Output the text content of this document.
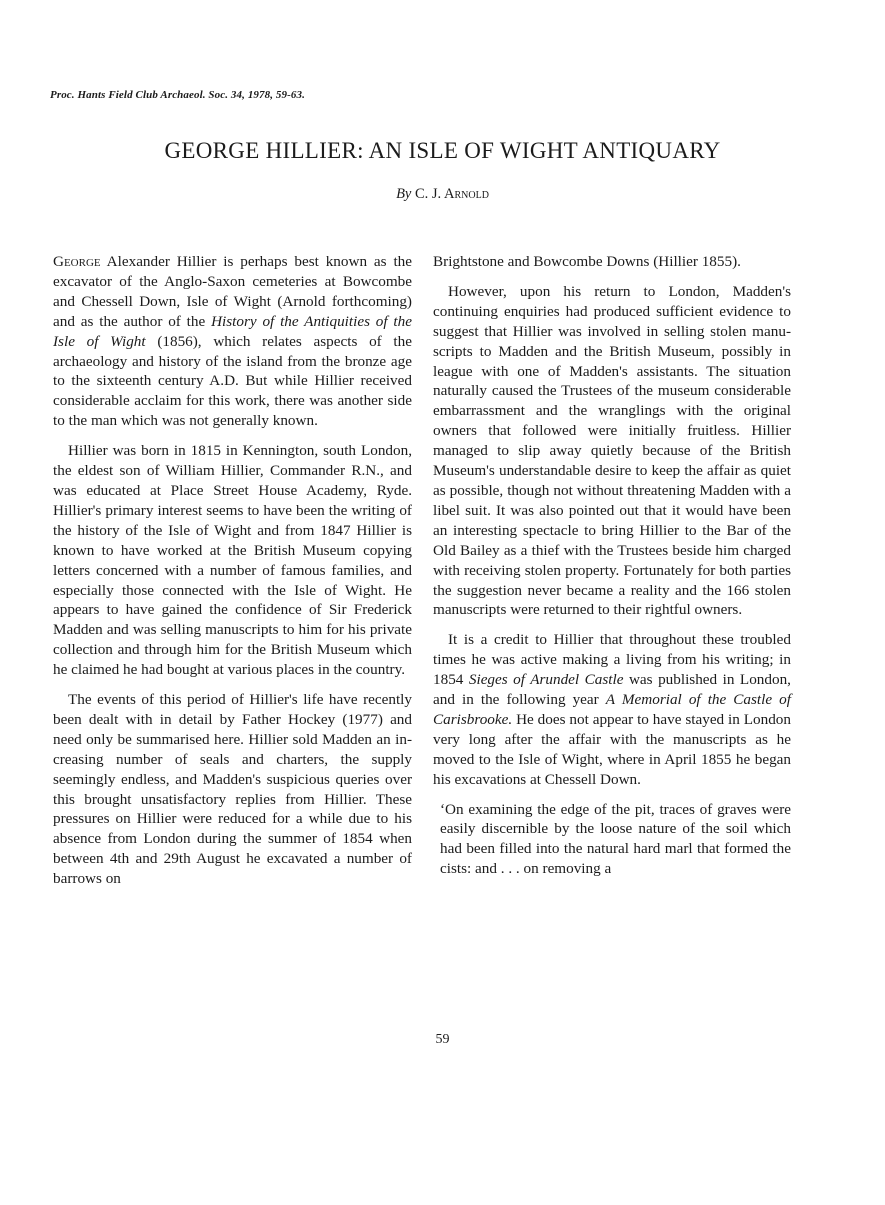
Proc. Hants Field Club Archaeol. Soc. 34, 1978, 59-63.
GEORGE HILLIER: AN ISLE OF WIGHT ANTIQUARY
By C. J. Arnold

George Alexander Hillier is perhaps best known as the excavator of the Anglo-Saxon cemeteries at Bowcombe and Chessell Down, Isle of Wight (Arnold forthcoming) and as the author of the History of the Antiquities of the Isle of Wight (1856), which relates aspects of the archaeology and history of the island from the bronze age to the sixteenth century A.D. But while Hillier received considerable acclaim for this work, there was another side to the man which was not generally known.

Hillier was born in 1815 in Kennington, south London, the eldest son of William Hillier, Commander R.N., and was educated at Place Street House Academy, Ryde. Hillier's primary interest seems to have been the writing of the history of the Isle of Wight and from 1847 Hillier is known to have worked at the British Museum copying letters concerned with a number of famous families, and especially those connected with the Isle of Wight. He appears to have gained the confidence of Sir Frederick Madden and was selling manuscripts to him for his private collection and through him for the British Museum which he claimed he had bought at various places in the country.

The events of this period of Hillier's life have recently been dealt with in detail by Father Hockey (1977) and need only be summarised here. Hillier sold Madden an increasing number of seals and charters, the supply seemingly endless, and Madden's suspicious queries over this brought unsatisfactory replies from Hillier. These pressures on Hillier were reduced for a while due to his absence from London during the summer of 1854 when between 4th and 29th August he excavated a number of barrows on

Brightstone and Bowcombe Downs (Hillier 1855).

However, upon his return to London, Madden's continuing enquiries had produced sufficient evidence to suggest that Hillier was involved in selling stolen manuscripts to Madden and the British Museum, possibly in league with one of Madden's assistants. The situation naturally caused the Trustees of the museum considerable embarrassment and the wranglings with the original owners that followed were initially fruitless. Hillier managed to slip away quietly because of the British Museum's understandable desire to keep the affair as quiet as possible, though not without threatening Madden with a libel suit. It was also pointed out that it would have been an interesting spectacle to bring Hillier to the Bar of the Old Bailey as a thief with the Trustees beside him charged with receiving stolen property. Fortunately for both parties the suggestion never became a reality and the 166 stolen manuscripts were returned to their rightful owners.

It is a credit to Hillier that throughout these troubled times he was active making a living from his writing; in 1854 Sieges of Arundel Castle was published in London, and in the following year A Memorial of the Castle of Carisbrooke. He does not appear to have stayed in London very long after the affair with the manuscripts as he moved to the Isle of Wight, where in April 1855 he began his excavations at Chessell Down.

‘On examining the edge of the pit, traces of graves were easily discernible by the loose nature of the soil which had been filled into the natural hard marl that formed the cists: and . . . on removing a

59
